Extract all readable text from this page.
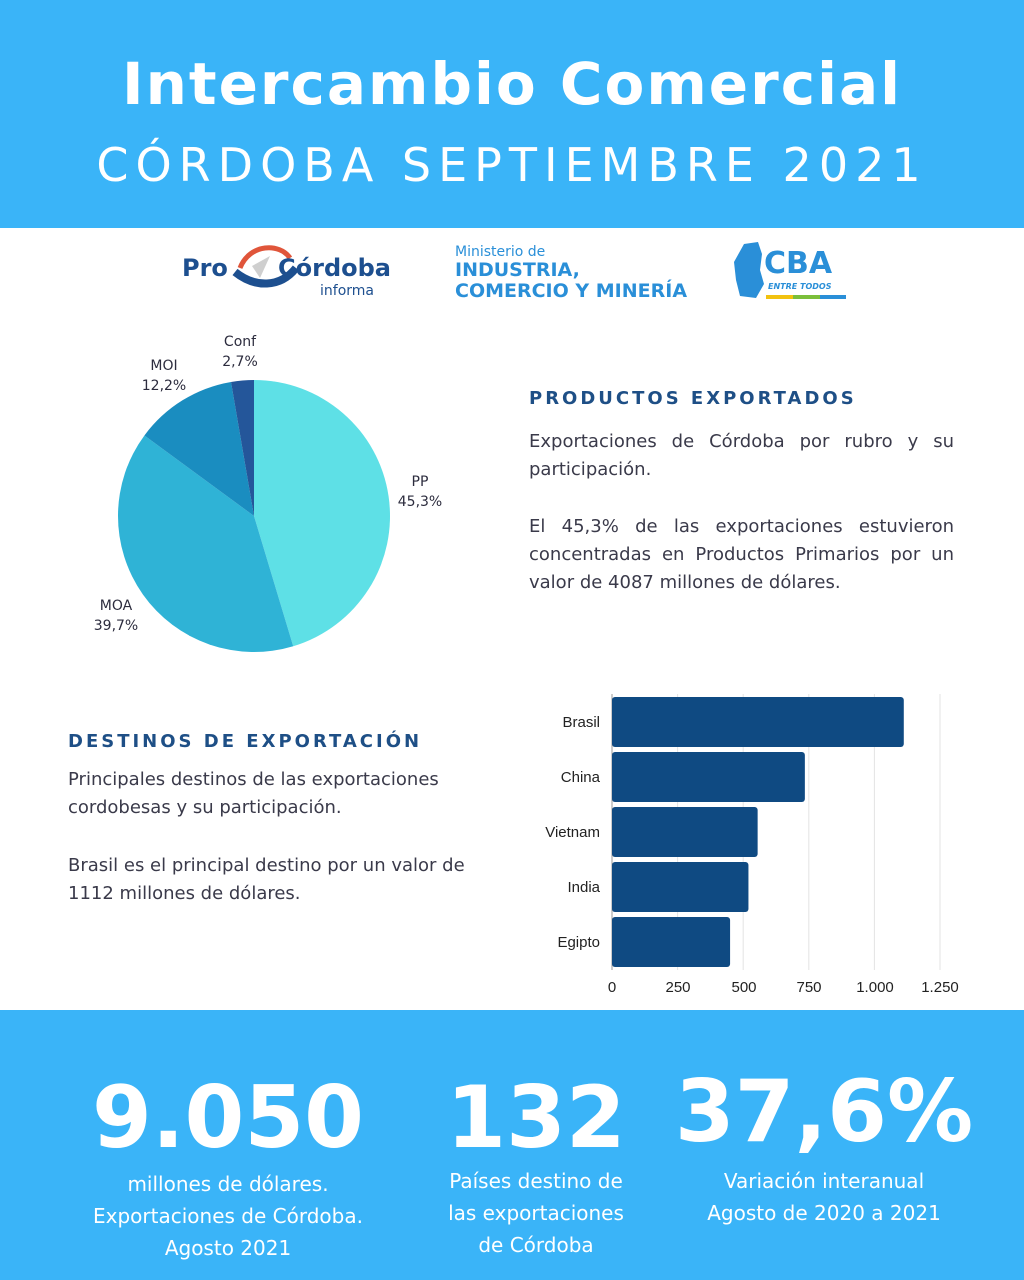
Intercambio Comercial
CÓRDOBA SEPTIEMBRE 2021
Pro Córdoba
informa
Ministerio de
INDUSTRIA,
COMERCIO Y MINERÍA
CBA
ENTRE TODOS
PP
45,3%
MOA
39,7%
MOI
12,2%
Conf
2,7%
PRODUCTOS EXPORTADOS
Exportaciones de Córdoba por rubro y su participación.
El 45,3% de las exportaciones estuvieron concentradas en Productos Primarios por un valor de 4087 millones de dólares.
DESTINOS DE EXPORTACIÓN
Principales destinos de las exportaciones cordobesas y su participación.
Brasil es el principal destino por un valor de 1112 millones de dólares.
Brasil
China
Vietnam
India
Egipto
0	250	500	750	1.000	1.250
9.050
millones de dólares.
Exportaciones de Córdoba.
Agosto 2021
132
Países destino de
las exportaciones
de Córdoba
37,6%
Variación interanual
Agosto de 2020 a 2021
